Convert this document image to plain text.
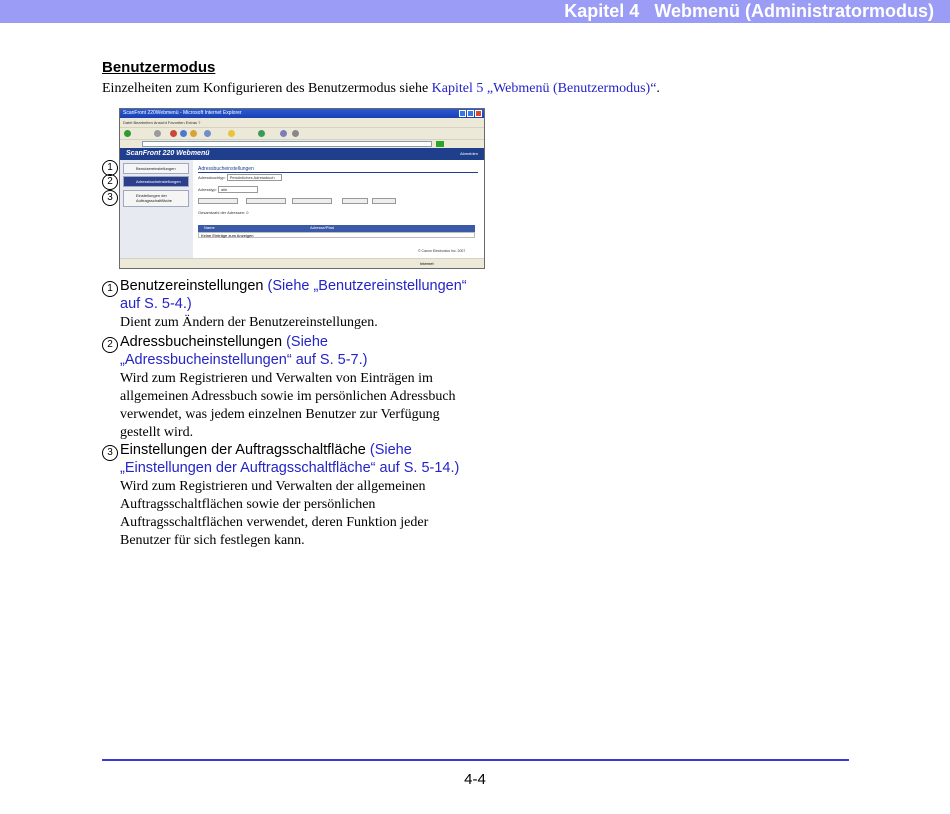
Kapitel 4   Webmenü (Administratormodus)
Benutzermodus
Einzelheiten zum Konfigurieren des Benutzermodus siehe Kapitel 5 „Webmenü (Benutzermodus)“.
ScanFront 220Webmenü - Microsoft Internet Explorer
Datei Bearbeiten Ansicht Favoriten Extras ?
ScanFront 220 Webmenü	Abmelden
Benutzereinstellungen
Adressbucheinstellungen
Einstellungen der Auftragsschaltfläche
Adressbucheinstellungen
Adressbuchtyp: Persönliches Adressbuch
Adresstyp: alle
Gesamtzahl der Adressen: 0
Name	Adresse/Pfad
Keine Einträge zum Anzeigen
© Canon Electronics Inc. 2007
Internet
1
2
3
1 Benutzereinstellungen (Siehe „Benutzereinstellungen“ auf S. 5-4.)
Dient zum Ändern der Benutzereinstellungen.
2 Adressbucheinstellungen (Siehe „Adressbucheinstellungen“ auf S. 5-7.)
Wird zum Registrieren und Verwalten von Einträgen im allgemeinen Adressbuch sowie im persönlichen Adressbuch verwendet, was jedem einzelnen Benutzer zur Verfügung gestellt wird.
3 Einstellungen der Auftragsschaltfläche (Siehe „Einstellungen der Auftragsschaltfläche“ auf S. 5-14.)
Wird zum Registrieren und Verwalten der allgemeinen Auftragsschaltflächen sowie der persönlichen Auftragsschaltflächen verwendet, deren Funktion jeder Benutzer für sich festlegen kann.
4-4
